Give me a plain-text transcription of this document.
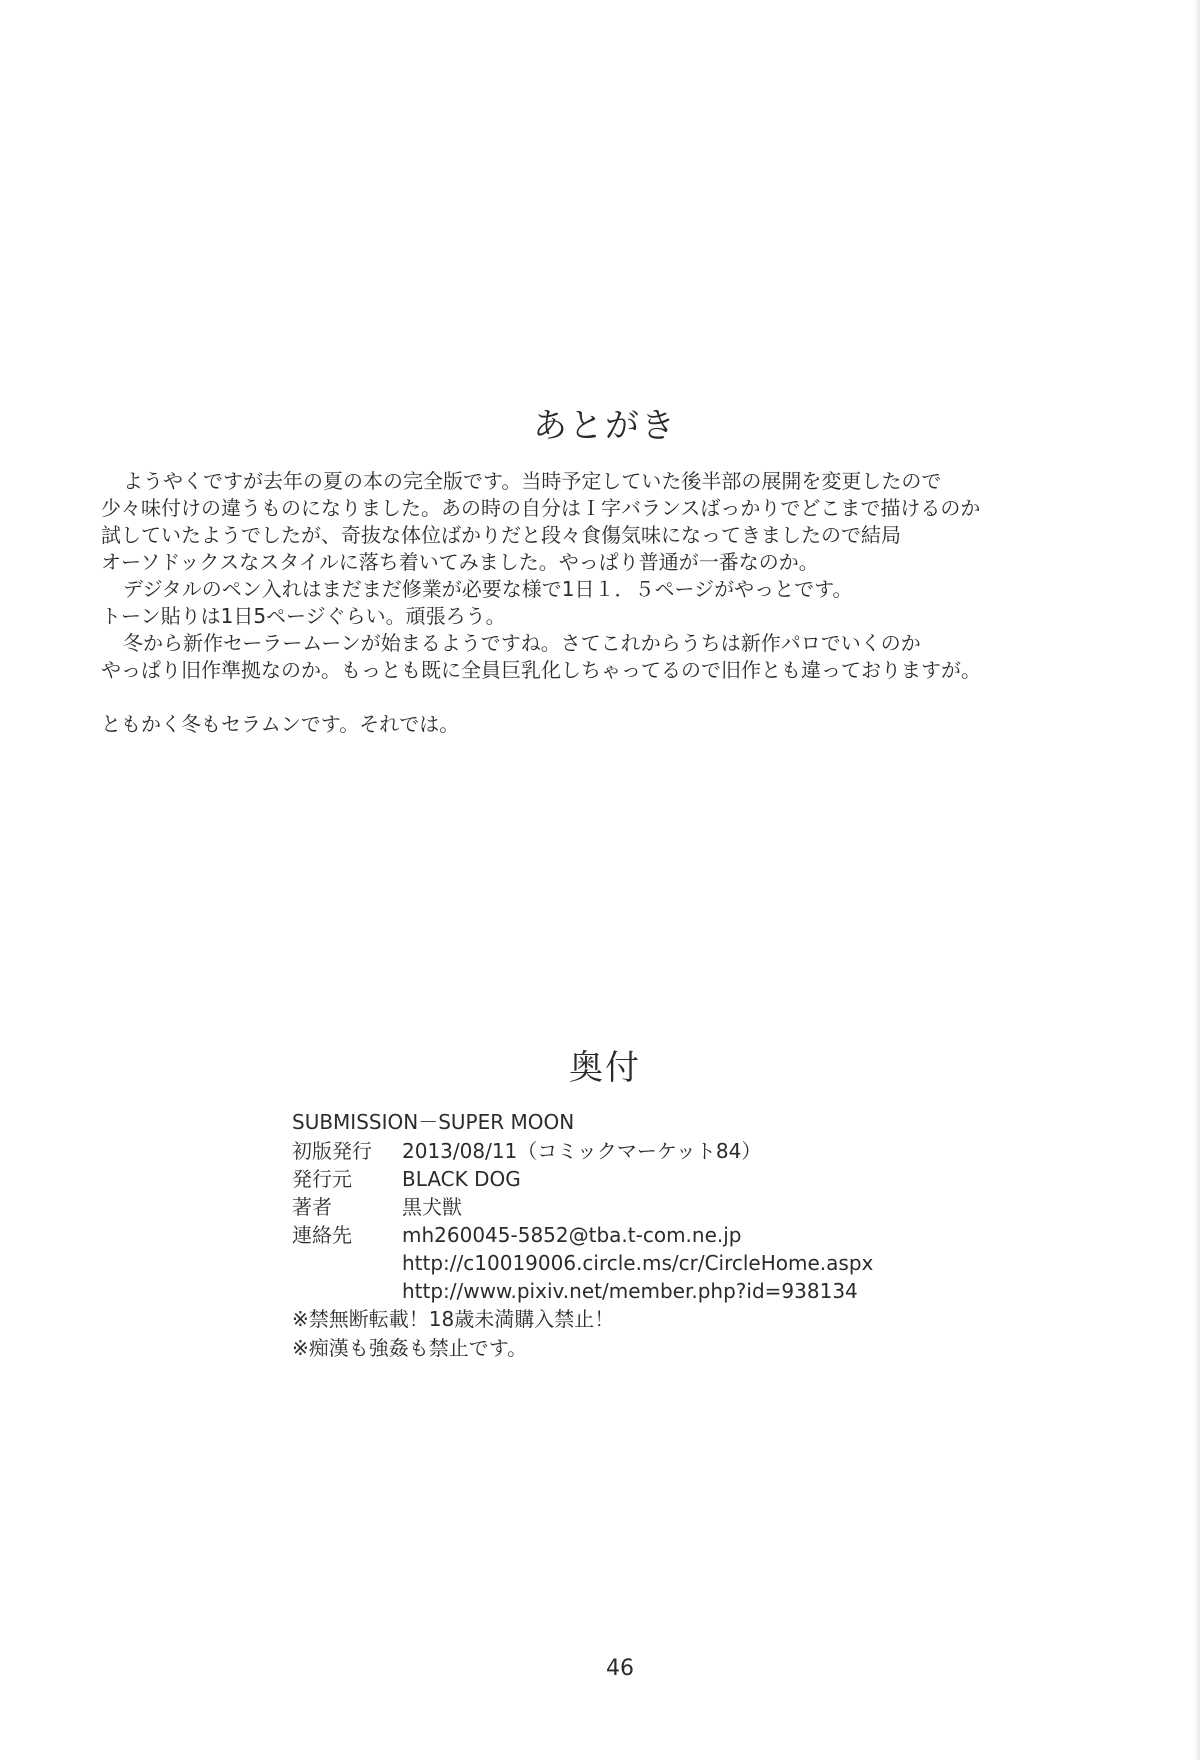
あとがき
ようやくですが去年の夏の本の完全版です。当時予定していた後半部の展開を変更したので
少々味付けの違うものになりました。あの時の自分はＩ字バランスばっかりでどこまで描けるのか
試していたようでしたが、奇抜な体位ばかりだと段々食傷気味になってきましたので結局
オーソドックスなスタイルに落ち着いてみました。やっぱり普通が一番なのか。
デジタルのペン入れはまだまだ修業が必要な様で1日１．５ページがやっとです。
トーン貼りは1日5ページぐらい。頑張ろう。
冬から新作セーラームーンが始まるようですね。さてこれからうちは新作パロでいくのか
やっぱり旧作準拠なのか。もっとも既に全員巨乳化しちゃってるので旧作とも違っておりますが。
ともかく冬もセラムンです。それでは。
奥付
SUBMISSION－SUPER MOON
初版発行	2013/08/11（コミックマーケット84）
発行元	BLACK DOG
著者	黒犬獣
連絡先	mh260045-5852@tba.t-com.ne.jp
http://c10019006.circle.ms/cr/CircleHome.aspx
http://www.pixiv.net/member.php?id=938134
※禁無断転載！18歳未満購入禁止！
※痴漢も強姦も禁止です。
46
